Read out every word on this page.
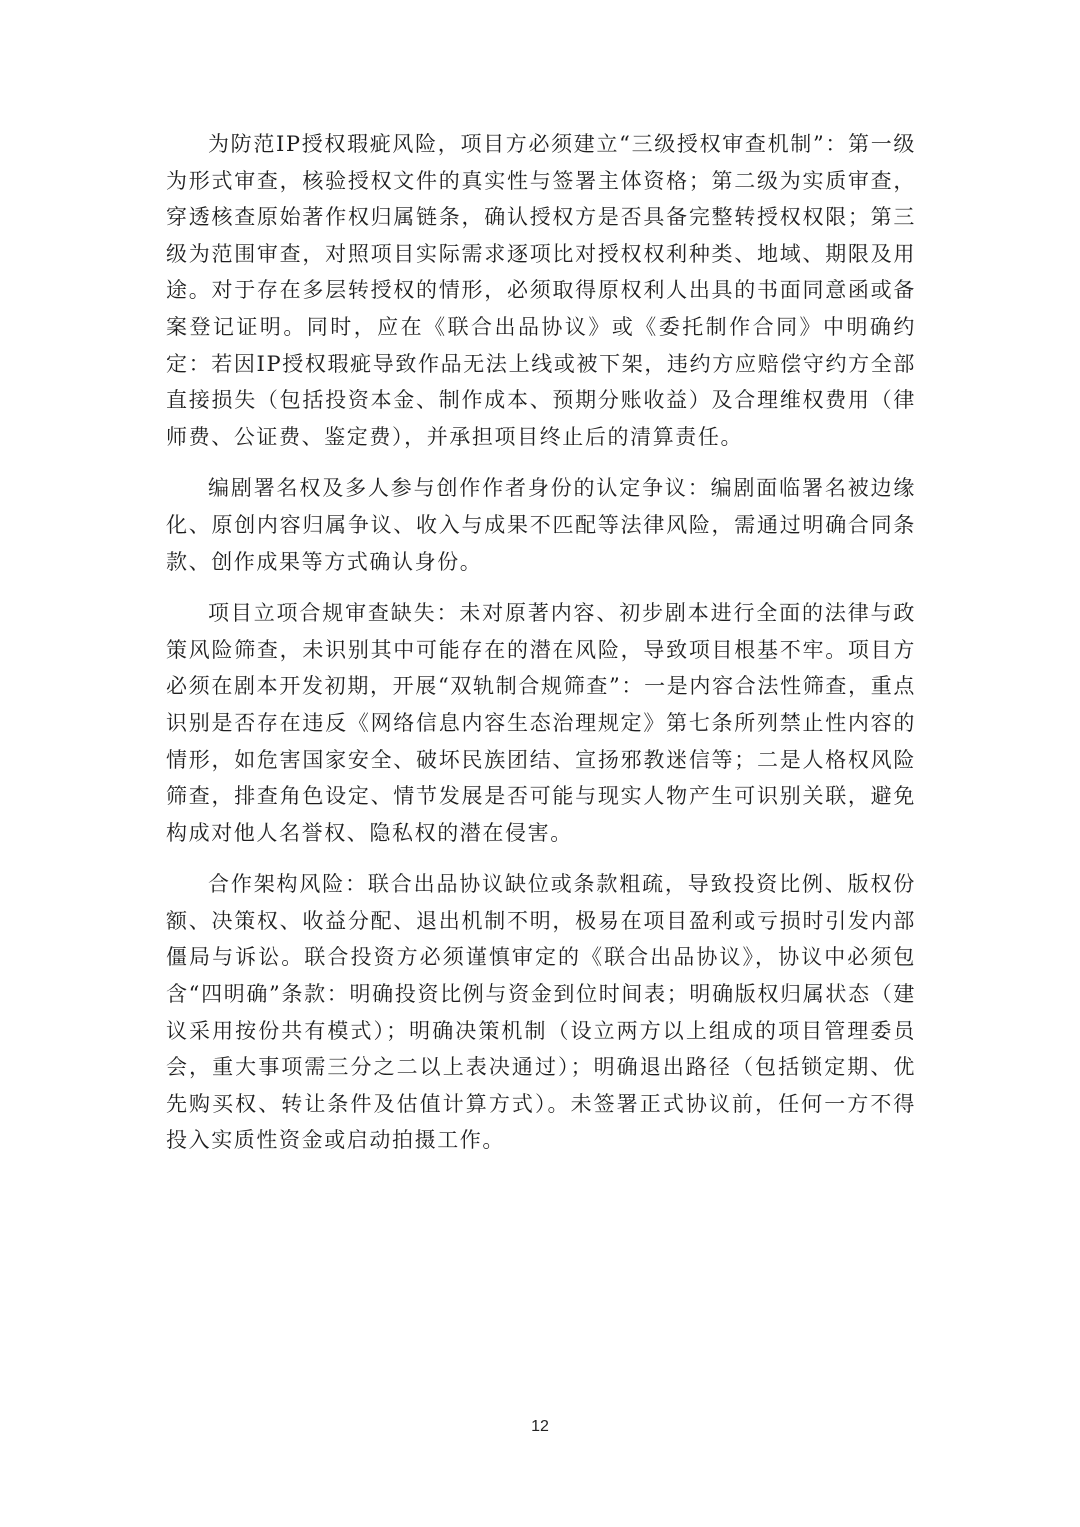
为防范IP授权瑕疵风险，项目方必须建立“三级授权审查机制”：第一级为形式审查，核验授权文件的真实性与签署主体资格；第二级为实质审查，穿透核查原始著作权归属链条，确认授权方是否具备完整转授权权限；第三级为范围审查，对照项目实际需求逐项比对授权权利种类、地域、期限及用途。对于存在多层转授权的情形，必须取得原权利人出具的书面同意函或备案登记证明。同时，应在《联合出品协议》或《委托制作合同》中明确约定：若因IP授权瑕疵导致作品无法上线或被下架，违约方应赔偿守约方全部直接损失（包括投资本金、制作成本、预期分账收益）及合理维权费用（律师费、公证费、鉴定费），并承担项目终止后的清算责任。

编剧署名权及多人参与创作作者身份的认定争议：编剧面临署名被边缘化、原创内容归属争议、收入与成果不匹配等法律风险，需通过明确合同条款、创作成果等方式确认身份。

项目立项合规审查缺失：未对原著内容、初步剧本进行全面的法律与政策风险筛查，未识别其中可能存在的潜在风险，导致项目根基不牢。项目方必须在剧本开发初期，开展“双轨制合规筛查”：一是内容合法性筛查，重点识别是否存在违反《网络信息内容生态治理规定》第七条所列禁止性内容的情形，如危害国家安全、破坏民族团结、宣扬邪教迷信等；二是人格权风险筛查，排查角色设定、情节发展是否可能与现实人物产生可识别关联，避免构成对他人名誉权、隐私权的潜在侵害。

合作架构风险：联合出品协议缺位或条款粗疏，导致投资比例、版权份额、决策权、收益分配、退出机制不明，极易在项目盈利或亏损时引发内部僵局与诉讼。联合投资方必须谨慎审定的《联合出品协议》，协议中必须包含“四明确”条款：明确投资比例与资金到位时间表；明确版权归属状态（建议采用按份共有模式）；明确决策机制（设立两方以上组成的项目管理委员会，重大事项需三分之二以上表决通过）；明确退出路径（包括锁定期、优先购买权、转让条件及估值计算方式）。未签署正式协议前，任何一方不得投入实质性资金或启动拍摄工作。

12
